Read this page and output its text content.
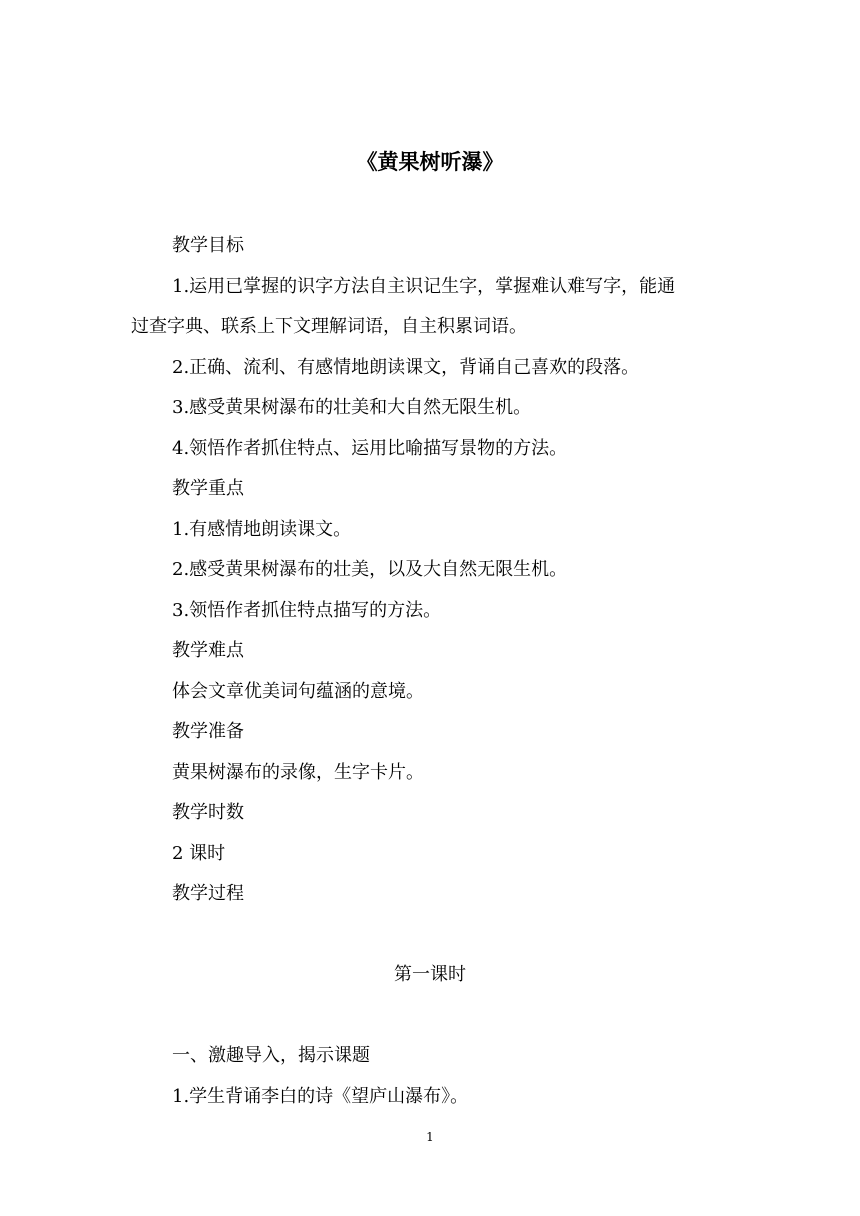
《黄果树听瀑》

教学目标

1.运用已掌握的识字方法自主识记生字，掌握难认难写字，能通
过查字典、联系上下文理解词语，自主积累词语。

2.正确、流利、有感情地朗读课文，背诵自己喜欢的段落。

3.感受黄果树瀑布的壮美和大自然无限生机。

4.领悟作者抓住特点、运用比喻描写景物的方法。

教学重点

1.有感情地朗读课文。

2.感受黄果树瀑布的壮美，以及大自然无限生机。

3.领悟作者抓住特点描写的方法。

教学难点

体会文章优美词句蕴涵的意境。

教学准备

黄果树瀑布的录像，生字卡片。

教学时数

2 课时

教学过程

第一课时

一、激趣导入，揭示课题

1.学生背诵李白的诗《望庐山瀑布》。

1
